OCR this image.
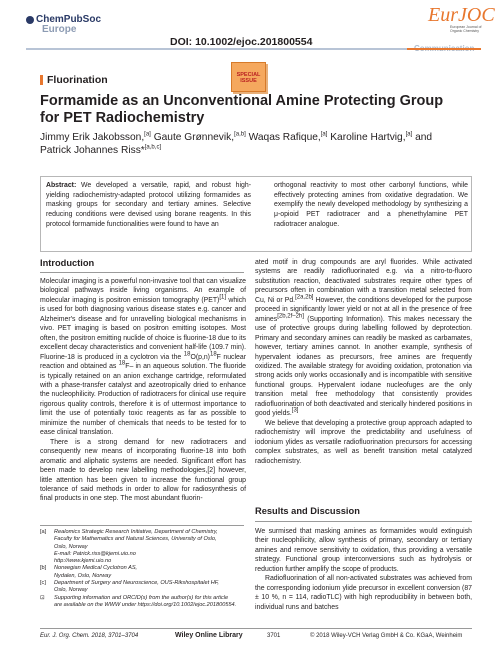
ChemPubSoc
Europe
DOI: 10.1002/ejoc.201800554
EurJOC
European Journal of Organic Chemistry
Fluorination	SPECIAL
ISSUE
Formamide as an Unconventional Amine Protecting Group for PET Radiochemistry
Jimmy Erik Jakobsson,[a] Gaute Grønnevik,[a,b] Waqas Rafique,[a] Karoline Hartvig,[a] and Patrick Johannes Riss*[a,b,c]
Abstract: We developed a versatile, rapid, and robust high-yielding radiochemistry-adapted protocol utilizing formamides as masking groups for secondary and tertiary amines. Selective reducing conditions were devised using borane reagents. In this protocol formamide functionalities were found to have an
orthogonal reactivity to most other carbonyl functions, while effectively protecting amines from oxidative degradation. We exemplify the newly developed methodology by synthesizing a μ-opioid PET radiotracer and a phenethylamine PET radiotracer analogue.
Introduction

Molecular imaging is a powerful non-invasive tool that can visualize biological pathways inside living organisms. An example of molecular imaging is positron emission tomography (PET)[1] which is used for both diagnosing various disease states e.g. cancer and Alzheimer's disease and for unravelling biological mechanisms in vivo. PET imaging is based on positron emitting isotopes. Most often, the positron emitting nuclide of choice is fluorine-18 due to its excellent decay characteristics and convenient half-life (109.7 min). Fluorine-18 is produced in a cyclotron via the $^{18}O(p,n)^{18}F$ nuclear reaction and obtained as $^{18}$F– in an aqueous solution. The fluoride is typically retained on an anion exchange cartridge, reformulated with a phase-transfer catalyst and azeotropically dried to enhance the nucleophilicity. Production of radiotracers for clinical use require rigorous quality controls, therefore it is of uttermost importance to limit the use of potentially toxic reagents as far as possible to minimize the number of chemicals that needs to be tested for to ease clinical translation.

There is a strong demand for new radiotracers and consequently new means of incorporating fluorine-18 into both aromatic and aliphatic systems are needed. Significant effort has been made to develop new labelling methodologies,[2] however, little attention has been given to increase the functional group tolerance of said methods in order to allow for radiosynthesis of final products in one step. The most abundant fluorin-

ated motif in drug compounds are aryl fluorides. While activated systems are readily radiofluorinated e.g. via a nitro-to-fluoro substitution reaction, deactivated substrates require other types of precursors often in combination with a transition metal selected from Cu, Ni or Pd.[2a,2b] However, the conditions developed for the purpose proceed in significantly lower yield or not at all in the presence of free amines[2b,2f–2h] (Supporting Information). This makes necessary the use of protective groups during labelling followed by deprotection. Primary and secondary amines can readily be masked as carbamates, however, tertiary amines cannot. In another example, synthesis of hypervalent iodanes as precursors, free amines are frequently oxidized. The available strategy for avoiding oxidation, protonation via strong acids only works occasionally and is incompatible with sensitive functional groups. Hypervalent iodane nucleofuges are the only transition metal free methodology that consistently provides radiofluorination of both deactivated and sterically hindered positions in good yields.[3]

We believe that developing a protective group approach adapted to radiochemistry will improve the predictability and usefulness of iodonium ylides as versatile radiofluorination precursors for accessing complex substrates, as well as benefit transition metal catalyzed radiochemistry.

Results and Discussion

We surmised that masking amines as formamides would extinguish their nucleophilicity, allow synthesis of primary, secondary or tertiary amines and remove sensitivity to oxidation, thus providing a versatile strategy. Functional group interconversions such as hydrolysis or reduction further amplify the scope of products.

Radiofluorination of all non-activated substrates was achieved from the corresponding iodonium ylide precursor in excellent conversion (87 ± 10 %, n = 114, radioTLC) with high reproducibility in between both, individual runs and batches

[a] Realomics Strategic Research Initiative, Department of Chemistry,
Faculty for Mathematics and Natural Sciences, University of Oslo,
Oslo, Norway
E-mail: Patrick.riss@kjemi.uio.no
http://www.kjemi.uio.no
[b] Norwegian Medical Cyclotron AS,
Nydalen, Oslo, Norway
[c] Department of Surgery and Neuroscience, OUS-Rikshospitalet HF,
Oslo, Norway
⊡ Supporting information and ORCID(s) from the author(s) for this article
are available on the WWW under https://doi.org/10.1002/ejoc.201800554.
Eur. J. Org. Chem. 2018, 3701–3704	Wiley Online Library	3701	© 2018 Wiley-VCH Verlag GmbH & Co. KGaA, Weinheim
